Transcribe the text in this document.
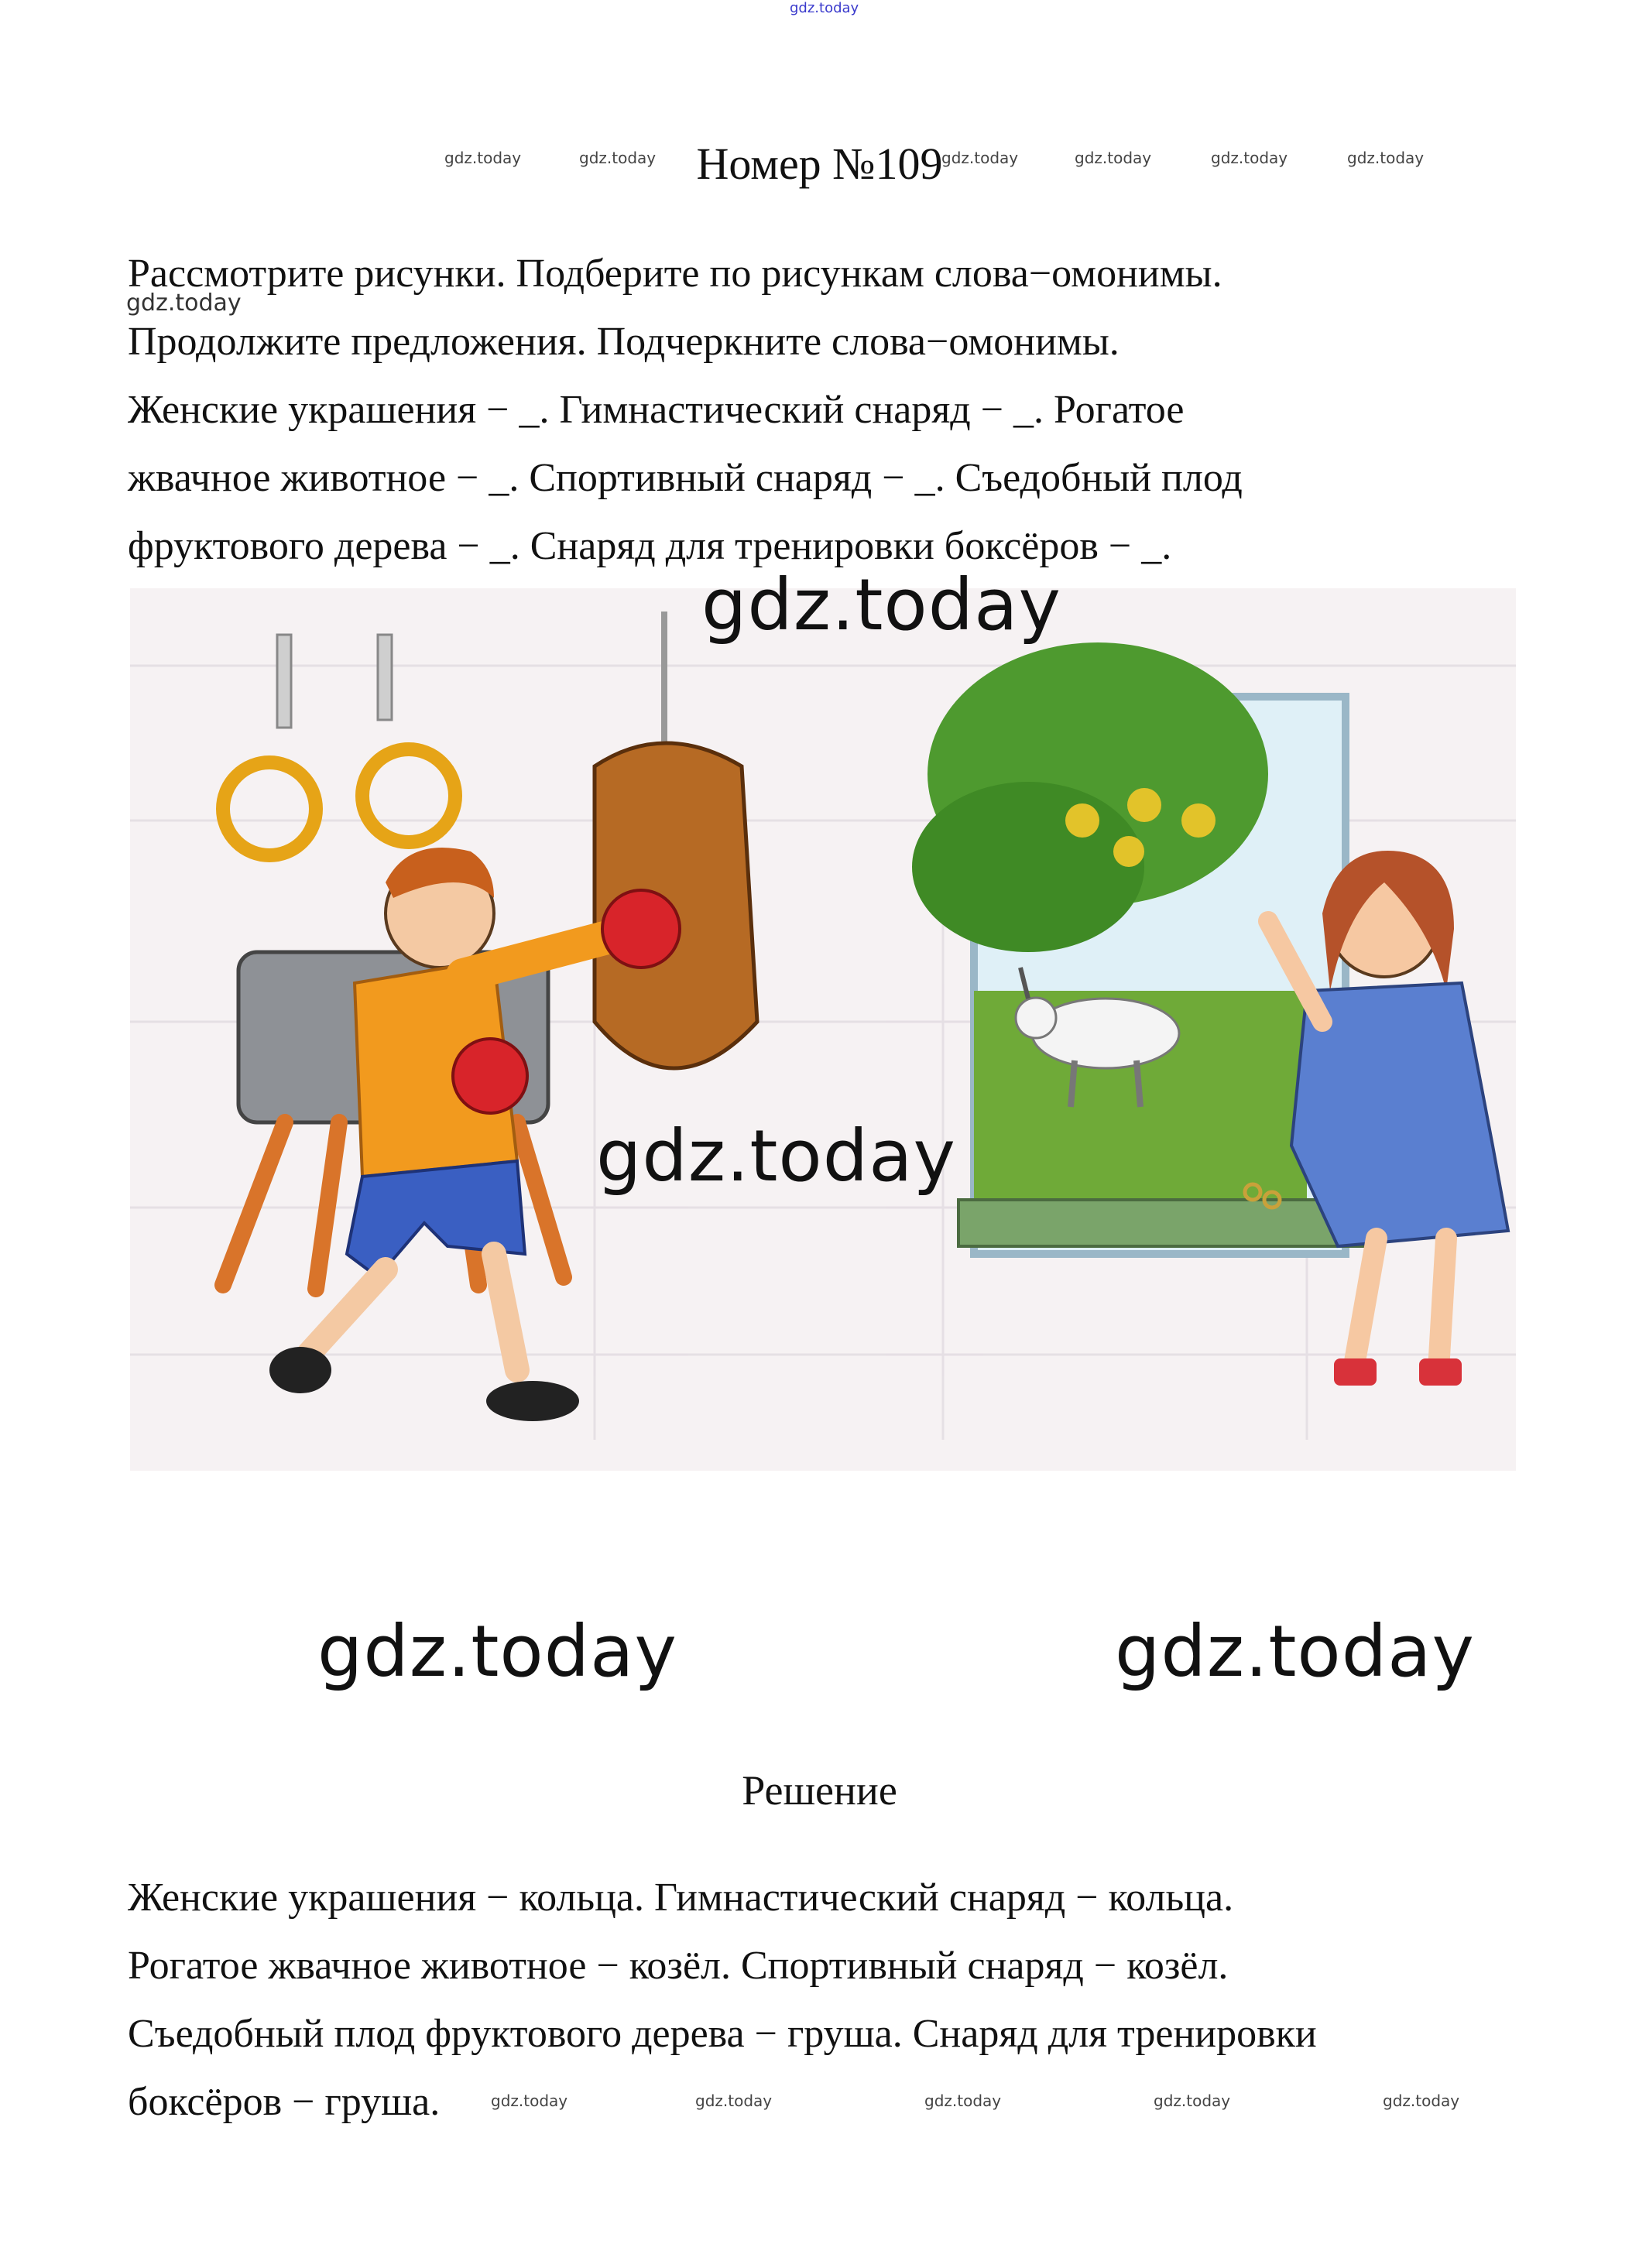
gdz.today
gdz.today	gdz.today	gdz.today	gdz.today	gdz.today	gdz.today
Номер №109
Рассмотрите рисунки. Подберите по рисункам слова−омонимы.
Продолжите предложения. Подчеркните слова−омонимы.
Женские украшения − _. Гимнастический снаряд − _. Рогатое
жвачное животное − _. Спортивный снаряд − _. Съедобный плод
фруктового дерева − _. Снаряд для тренировки боксёров − _.
gdz.today
gdz.today
gdz.today
gdz.today	gdz.today
Решение
Женские украшения − кольца. Гимнастический снаряд − кольца.
Рогатое жвачное животное − козёл. Спортивный снаряд − козёл.
Съедобный плод фруктового дерева − груша. Снаряд для тренировки
боксёров − груша.	gdz.today	gdz.today	gdz.today	gdz.today	gdz.today
